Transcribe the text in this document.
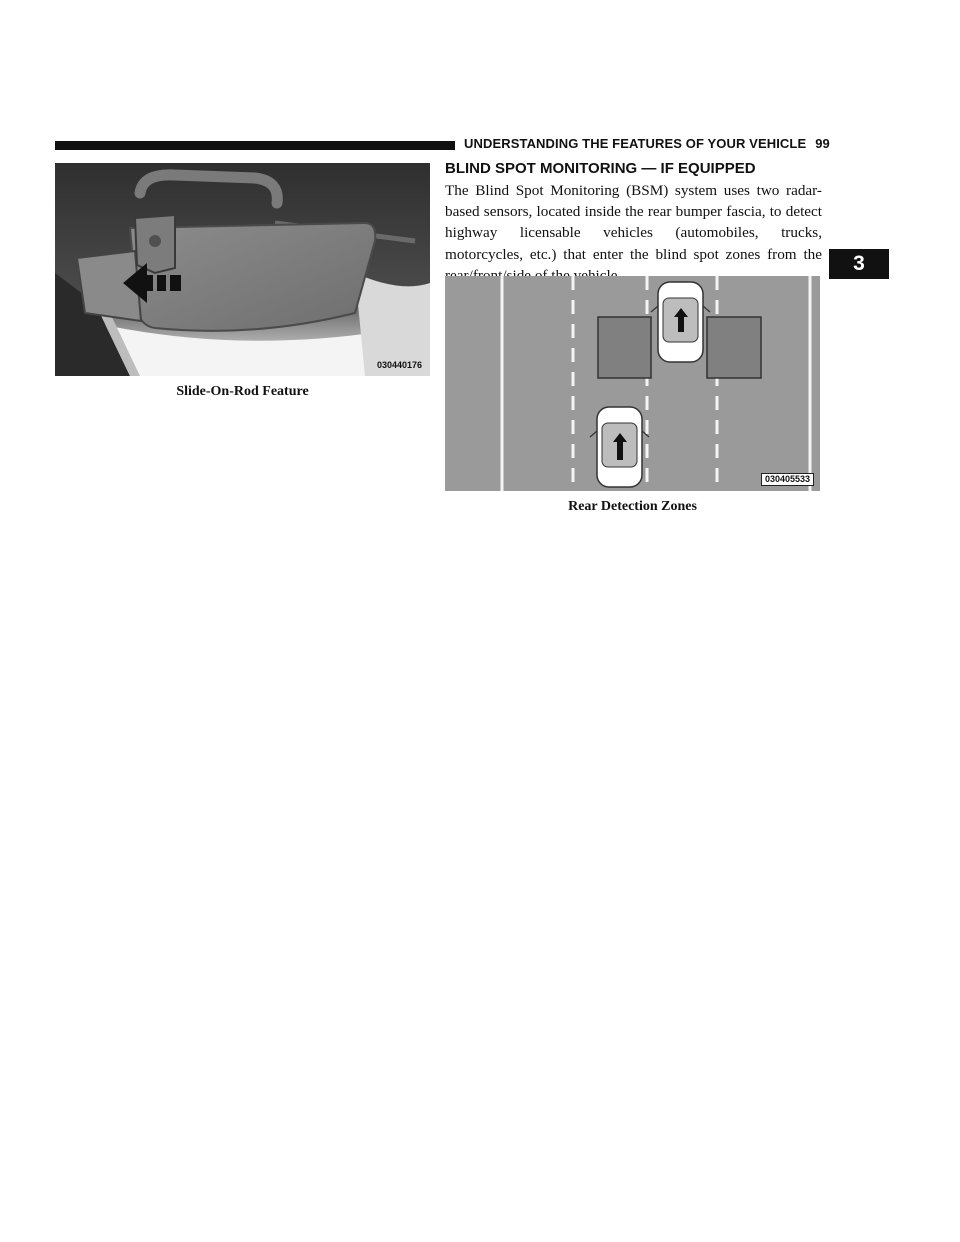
UNDERSTANDING THE FEATURES OF YOUR VEHICLE 99
030440176
Slide-On-Rod Feature
BLIND SPOT MONITORING — IF EQUIPPED
The Blind Spot Monitoring (BSM) system uses two radar-based sensors, located inside the rear bumper fascia, to detect highway licensable vehicles (automobiles, trucks, motorcycles, etc.) that enter the blind spot zones from the	3
030405533
Rear Detection Zones
